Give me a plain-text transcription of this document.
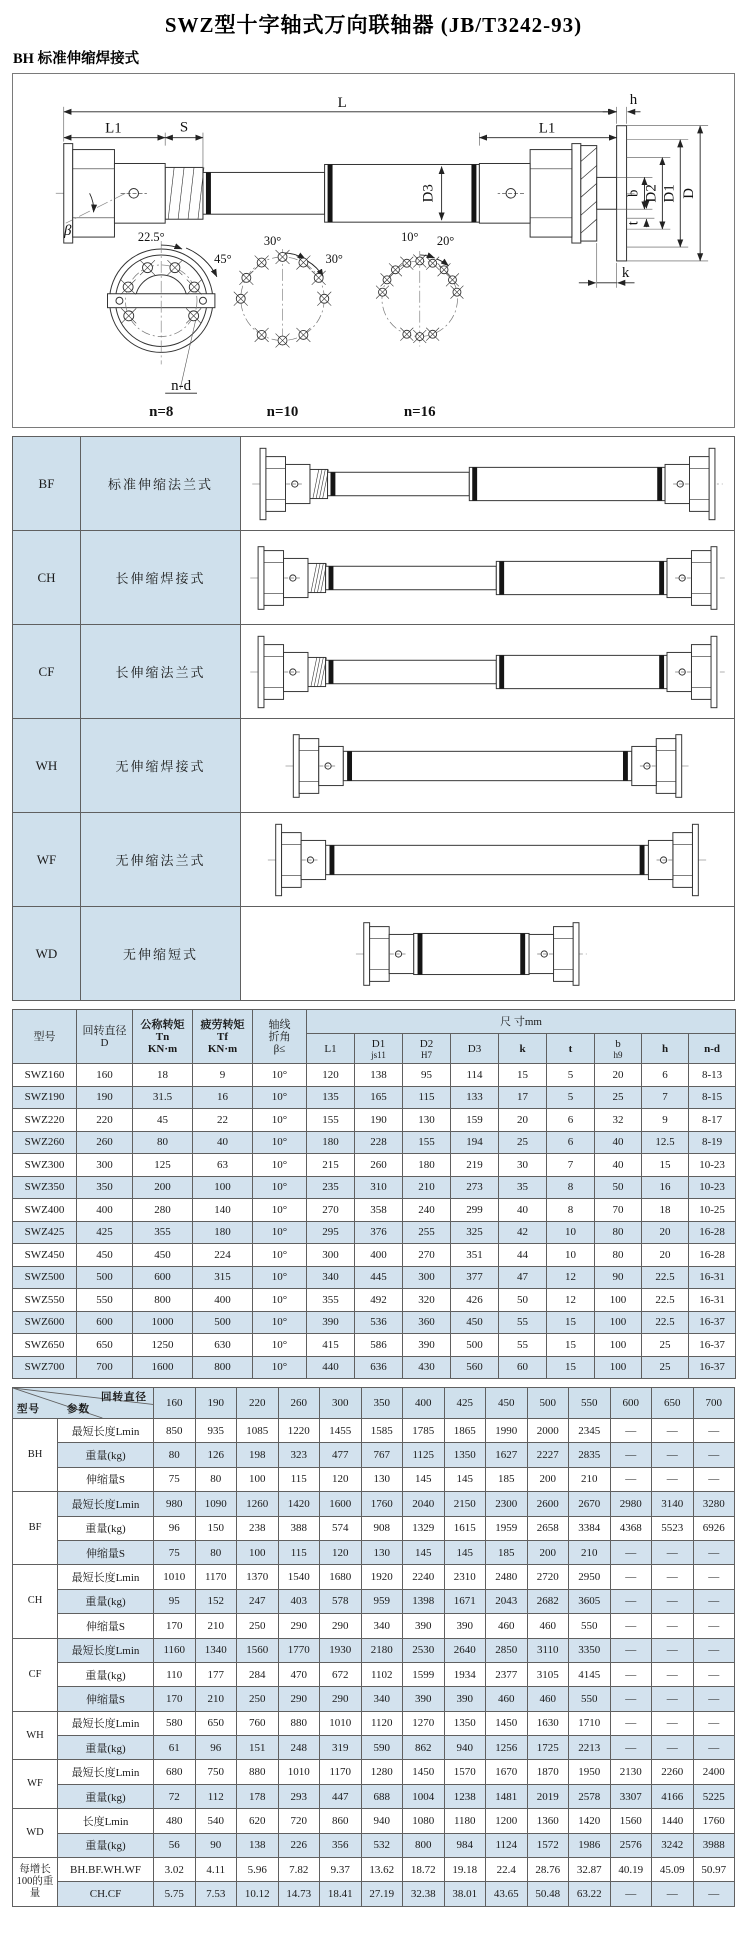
SWZ型十字轴式万向联轴器 (JB/T3242-93)
BH 标准伸缩焊接式
L	h
L1	S	L1
D3	b
t
D2 D1 D
k
β	22.5°
45°
n-d
n=8
30°
30°
n=10
10° 20°
n=16
BF	标准伸缩法兰式	

CH	长伸缩焊接式	

CF	长伸缩法兰式	

WH	无伸缩焊接式	

WF	无伸缩法兰式	

WD	无伸缩短式	
型号	回转直径
D

公称转矩
Tn
KN·m

疲劳转矩
Tf
KN·m

轴线
折角
β≤
	尺 寸mm

L1	D1
js11

D2
H7	D3	k	t	b
h9	h	n-d

SWZ160	160	18	9	10°	120	138	95	114	15	5	20	6	8-13
SWZ190	190	31.5	16	10°	135	165	115	133	17	5	25	7	8-15
SWZ220	220	45	22	10°	155	190	130	159	20	6	32	9	8-17
SWZ260	260	80	40	10°	180	228	155	194	25	6	40	12.5	8-19
SWZ300	300	125	63	10°	215	260	180	219	30	7	40	15	10-23
SWZ350	350	200	100	10°	235	310	210	273	35	8	50	16	10-23
SWZ400	400	280	140	10°	270	358	240	299	40	8	70	18	10-25
SWZ425	425	355	180	10°	295	376	255	325	42	10	80	20	16-28
SWZ450	450	450	224	10°	300	400	270	351	44	10	80	20	16-28
SWZ500	500	600	315	10°	340	445	300	377	47	12	90	22.5	16-31
SWZ550	550	800	400	10°	355	492	320	426	50	12	100	22.5	16-31
SWZ600	600	1000	500	10°	390	536	360	450	55	15	100	22.5	16-37
SWZ650	650	1250	630	10°	415	586	390	500	55	15	100	25	16-37
SWZ700	700	1600	800	10°	440	636	430	560	60	15	100	25	16-37
回转直径
参数
型号		160	190	220	260	300	350	400	425	450	500	550	600	650	700
BH	最短长度Lmin	850	935	1085	1220	1455	1585	1785	1865	1990	2000	2345	—	—	—
	重量(kg)	80	126	198	323	477	767	1125	1350	1627	2227	2835	—	—	—
	伸缩量S	75	80	100	115	120	130	145	145	185	200	210	—	—	—
BF	最短长度Lmin	980	1090	1260	1420	1600	1760	2040	2150	2300	2600	2670	2980	3140	3280
	重量(kg)	96	150	238	388	574	908	1329	1615	1959	2658	3384	4368	5523	6926
	伸缩量S	75	80	100	115	120	130	145	145	185	200	210	—	—	—
CH	最短长度Lmin	1010	1170	1370	1540	1680	1920	2240	2310	2480	2720	2950	—	—	—
	重量(kg)	95	152	247	403	578	959	1398	1671	2043	2682	3605	—	—	—
	伸缩量S	170	210	250	290	290	340	390	390	460	460	550	—	—	—
CF	最短长度Lmin	1160	1340	1560	1770	1930	2180	2530	2640	2850	3110	3350	—	—	—
	重量(kg)	110	177	284	470	672	1102	1599	1934	2377	3105	4145	—	—	—
	伸缩量S	170	210	250	290	290	340	390	390	460	460	550	—	—	—
WH	最短长度Lmin	580	650	760	880	1010	1120	1270	1350	1450	1630	1710	—	—	—
	重量(kg)	61	96	151	248	319	590	862	940	1256	1725	2213	—	—	—
WF	最短长度Lmin	680	750	880	1010	1170	1280	1450	1570	1670	1870	1950	2130	2260	2400
	重量(kg)	72	112	178	293	447	688	1004	1238	1481	2019	2578	3307	4166	5225
WD	长度Lmin	480	540	620	720	860	940	1080	1180	1200	1360	1420	1560	1440	1760
	重量(kg)	56	90	138	226	356	532	800	984	1124	1572	1986	2576	3242	3988
每增长100的重量	BH.BF.WH.WF	3.02	4.11	5.96	7.82	9.37	13.62	18.72	19.18	22.4	28.76	32.87	40.19	45.09	50.97
	CH.CF	5.75	7.53	10.12	14.73	18.41	27.19	32.38	38.01	43.65	50.48	63.22	—	—	—
